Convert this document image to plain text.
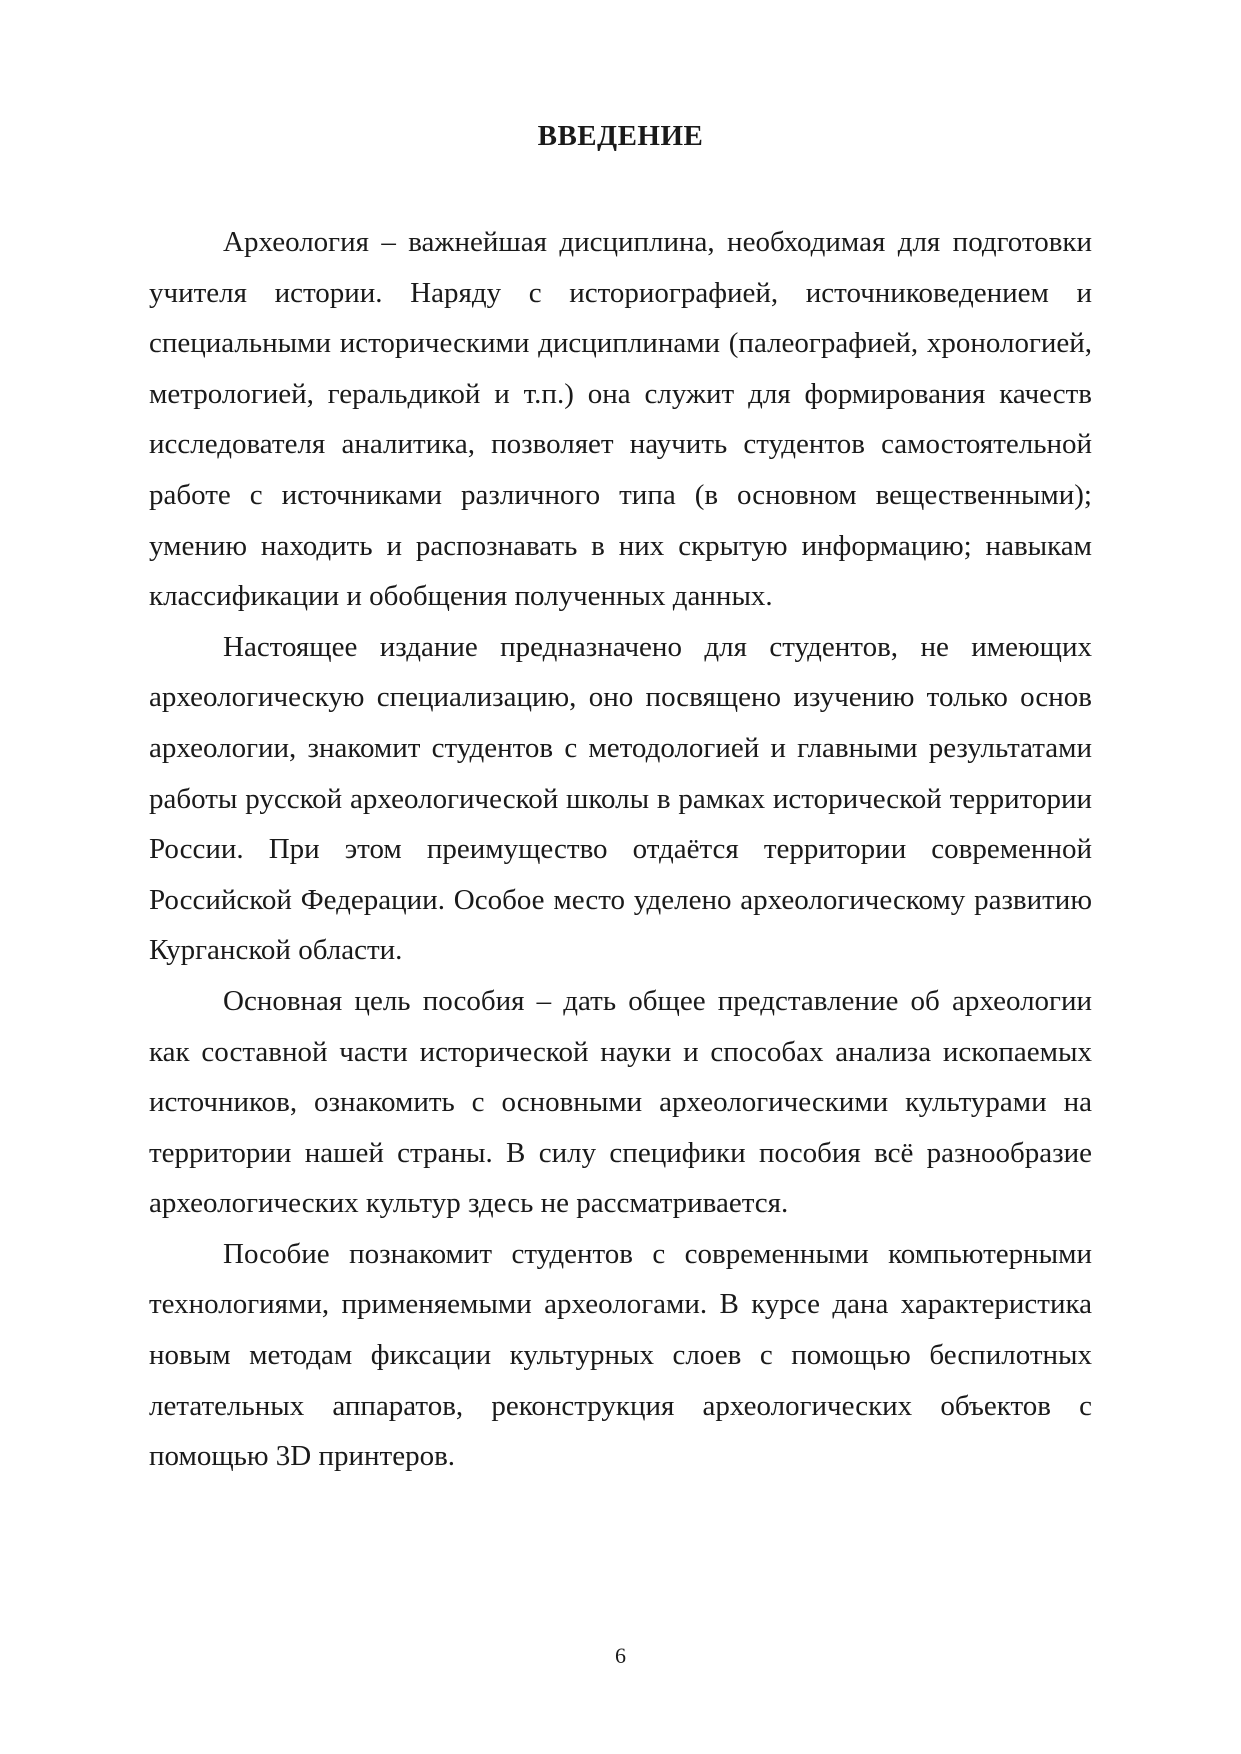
ВВЕДЕНИЕ

Археология – важнейшая дисциплина, необходимая для подготовки учителя истории. Наряду с историографией, источниковедением и специальными историческими дисциплинами (палеографией, хронологией, метрологией, геральдикой и т.п.) она служит для формирования качеств исследователя аналитика, позволяет научить студентов самостоятельной работе с источниками различного типа (в основном вещественными); умению находить и распознавать в них скрытую информацию; навыкам классификации и обобщения полученных данных.

Настоящее издание предназначено для студентов, не имеющих археологическую специализацию, оно посвящено изучению только основ археологии, знакомит студентов с методологией и главными результатами работы русской археологической школы в рамках исторической территории России. При этом преимущество отдаётся территории современной Российской Федерации. Особое место уделено археологическому развитию Курганской области.

Основная цель пособия – дать общее представление об археологии как составной части исторической науки и способах анализа ископаемых источников, ознакомить с основными археологическими культурами на территории нашей страны. В силу специфики пособия всё разнообразие археологических культур здесь не рассматривается.

Пособие познакомит студентов с современными компьютерными технологиями, применяемыми археологами. В курсе дана характеристика новым методам фиксации культурных слоев с помощью беспилотных летательных аппаратов, реконструкция археологических объектов с помощью 3D принтеров.

6
